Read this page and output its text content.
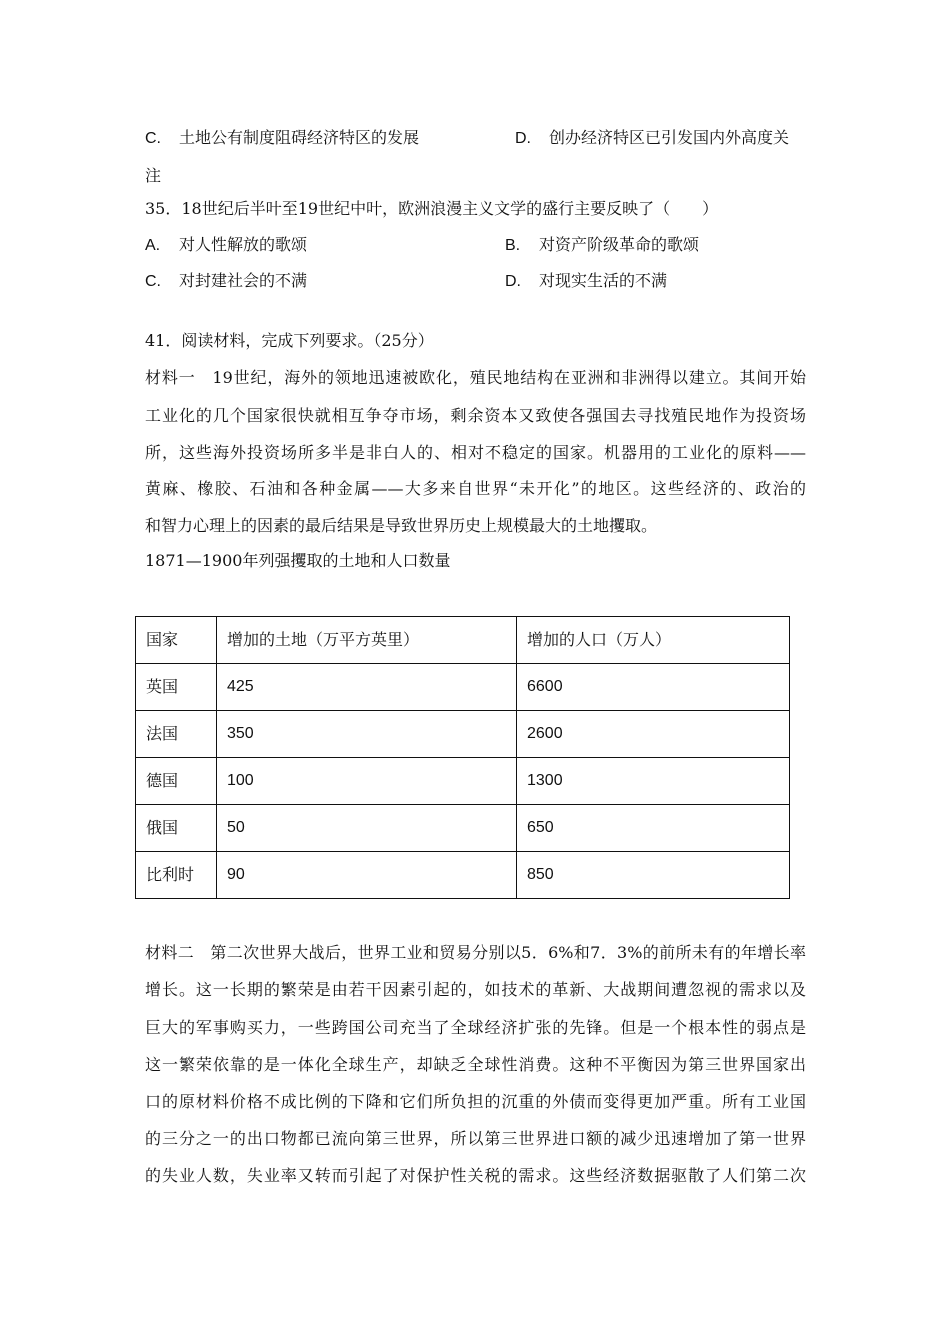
C. 土地公有制度阻碍经济特区的发展	D. 创办经济特区已引发国内外高度关
注
35．18世纪后半叶至19世纪中叶，欧洲浪漫主义文学的盛行主要反映了（　　）
A. 对人性解放的歌颂	B. 对资产阶级革命的歌颂
C. 对封建社会的不满	D. 对现实生活的不满
41．阅读材料，完成下列要求。（25分）
材料一　19世纪，海外的领地迅速被欧化，殖民地结构在亚洲和非洲得以建立。其间开始
工业化的几个国家很快就相互争夺市场，剩余资本又致使各强国去寻找殖民地作为投资场
所，这些海外投资场所多半是非白人的、相对不稳定的国家。机器用的工业化的原料——
黄麻、橡胶、石油和各种金属——大多来自世界“未开化”的地区。这些经济的、政治的
和智力心理上的因素的最后结果是导致世界历史上规模最大的土地攫取。
1871—1900年列强攫取的土地和人口数量
国家	增加的土地（万平方英里）	增加的人口（万人）
英国	425	6600
法国	350	2600
德国	100	1300
俄国	50	650
比利时	90	850
材料二　第二次世界大战后，世界工业和贸易分别以5．6%和7．3%的前所未有的年增长率
增长。这一长期的繁荣是由若干因素引起的，如技术的革新、大战期间遭忽视的需求以及
巨大的军事购买力，一些跨国公司充当了全球经济扩张的先锋。但是一个根本性的弱点是
这一繁荣依靠的是一体化全球生产，却缺乏全球性消费。这种不平衡因为第三世界国家出
口的原材料价格不成比例的下降和它们所负担的沉重的外债而变得更加严重。所有工业国
的三分之一的出口物都已流向第三世界，所以第三世界进口额的减少迅速增加了第一世界
的失业人数，失业率又转而引起了对保护性关税的需求。这些经济数据驱散了人们第二次
